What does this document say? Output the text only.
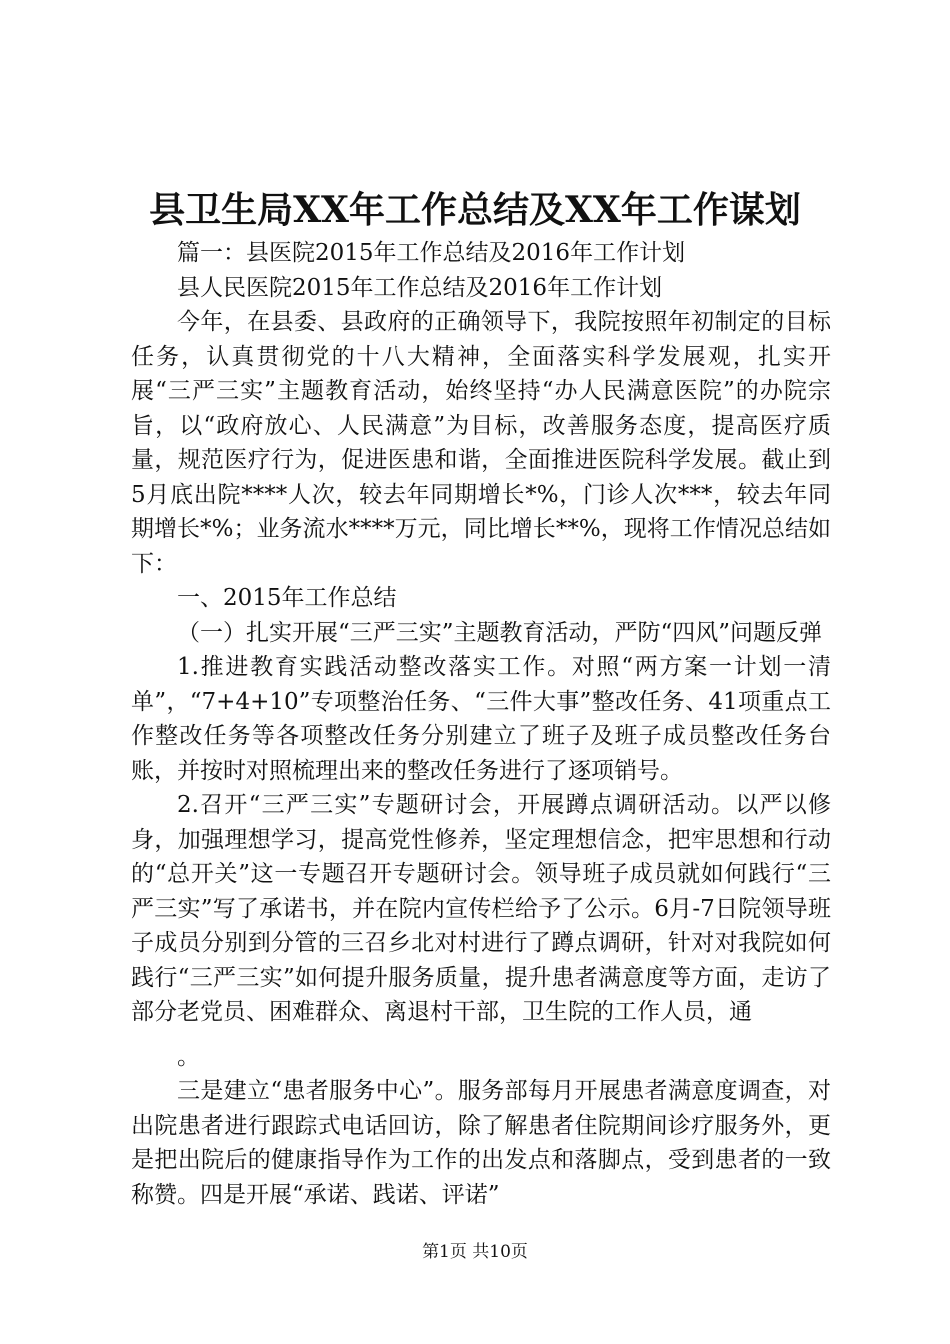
县卫生局XX年工作总结及XX年工作谋划

篇一：县医院2015年工作总结及2016年工作计划

县人民医院2015年工作总结及2016年工作计划

今年，在县委、县政府的正确领导下，我院按照年初制定的目标任务，认真贯彻党的十八大精神，全面落实科学发展观，扎实开展“三严三实”主题教育活动，始终坚持“办人民满意医院”的办院宗旨，以“政府放心、人民满意”为目标，改善服务态度，提高医疗质量，规范医疗行为，促进医患和谐，全面推进医院科学发展。截止到5月底出院****人次，较去年同期增长*%，门诊人次***，较去年同期增长*%；业务流水****万元，同比增长**%，现将工作情况总结如下：

一、2015年工作总结

（一）扎实开展“三严三实”主题教育活动，严防“四风”问题反弹

1.推进教育实践活动整改落实工作。对照“两方案一计划一清单”，“7+4+10”专项整治任务、“三件大事”整改任务、41项重点工作整改任务等各项整改任务分别建立了班子及班子成员整改任务台账，并按时对照梳理出来的整改任务进行了逐项销号。

2.召开“三严三实”专题研讨会，开展蹲点调研活动。以严以修身，加强理想学习，提高党性修养，坚定理想信念，把牢思想和行动的“总开关”这一专题召开专题研讨会。领导班子成员就如何践行“三严三实”写了承诺书，并在院内宣传栏给予了公示。6月-7日院领导班子成员分别到分管的三召乡北对村进行了蹲点调研，针对对我院如何践行“三严三实”如何提升服务质量，提升患者满意度等方面，走访了部分老党员、困难群众、离退村干部，卫生院的工作人员，通

。

三是建立“患者服务中心”。服务部每月开展患者满意度调查，对出院患者进行跟踪式电话回访，除了解患者住院期间诊疗服务外，更是把出院后的健康指导作为工作的出发点和落脚点，受到患者的一致称赞。四是开展“承诺、践诺、评诺”

第1页 共10页
